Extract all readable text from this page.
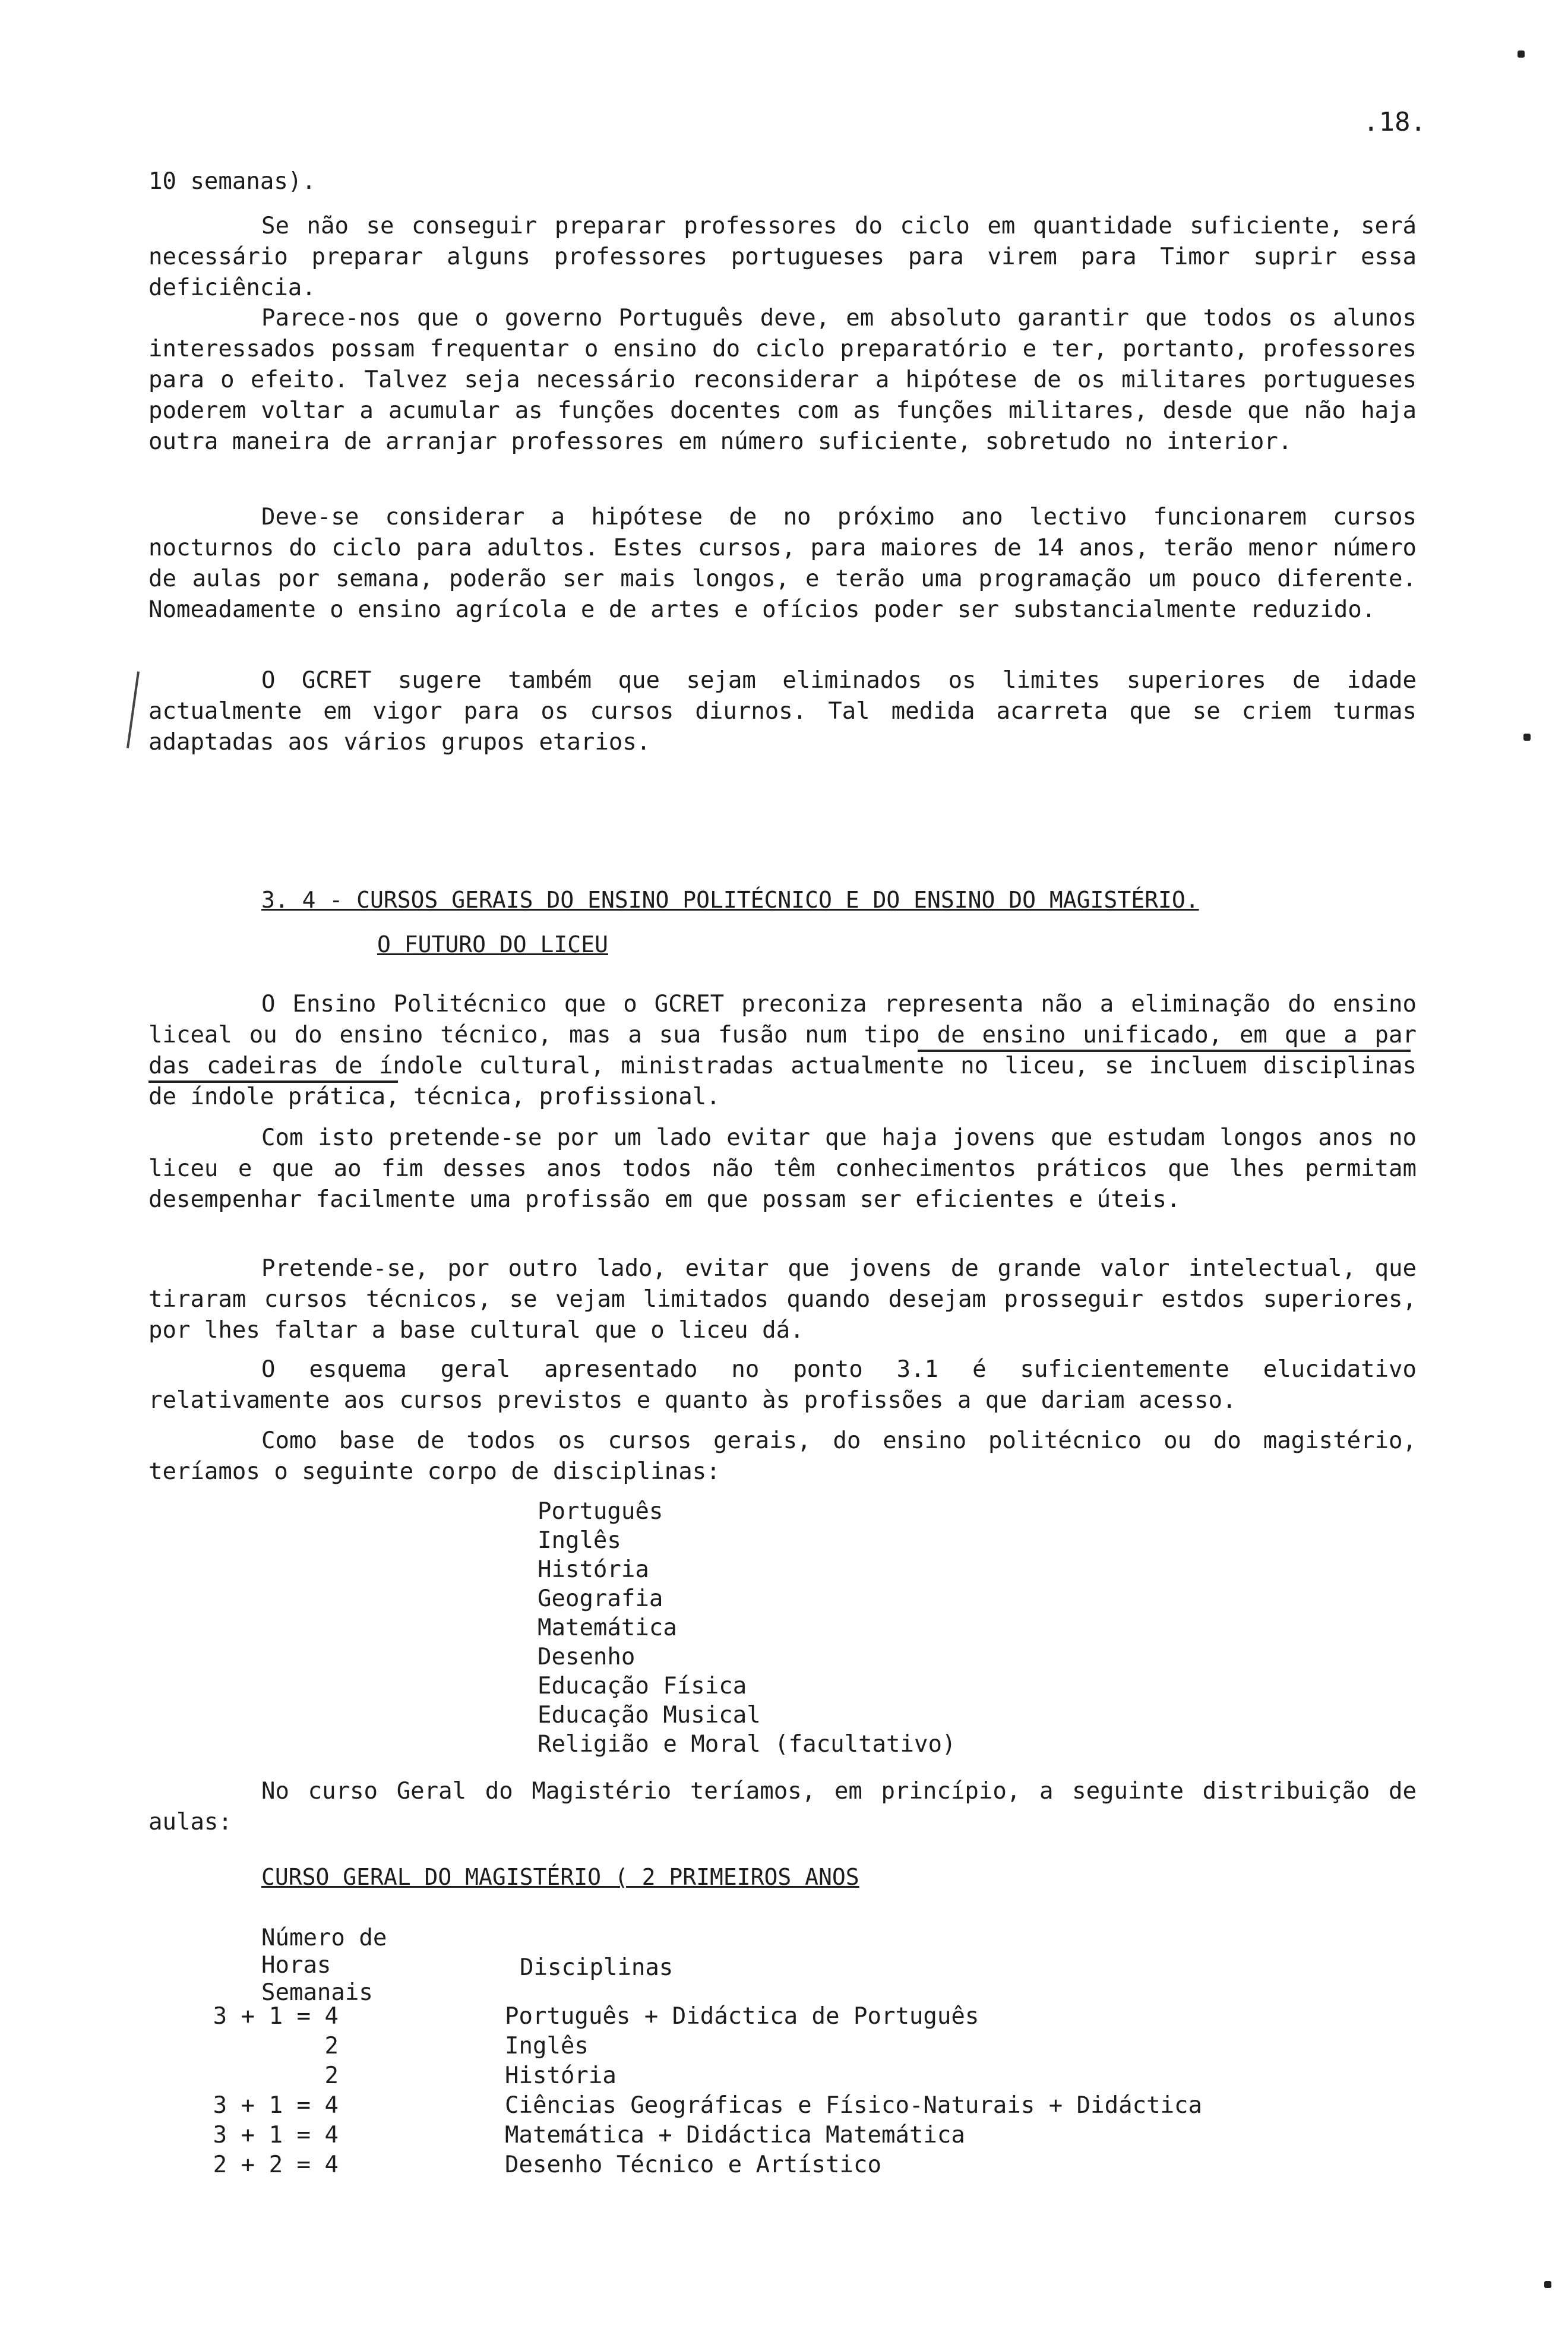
.18.

10 semanas).

Se não se conseguir preparar professores do ciclo em quantidade suficiente, será necessário preparar alguns professores portugueses para virem para Timor suprir essa deficiência.

Parece-nos que o governo Português deve, em absoluto garantir que todos os alunos interessados possam frequentar o ensino do ciclo preparatório e ter, portanto, professores para o efeito. Talvez seja necessário reconsiderar a hipótese de os militares portugueses poderem voltar a acumular as funções docentes com as funções militares, desde que não haja outra maneira de arranjar professores em número suficiente, sobretudo no interior.

Deve-se considerar a hipótese de no próximo ano lectivo funcionarem cursos nocturnos do ciclo para adultos. Estes cursos, para maiores de 14 anos, terão menor número de aulas por semana, poderão ser mais longos, e terão uma programação um pouco diferente. Nomeadamente o ensino agrícola e de artes e ofícios poder ser substancialmente reduzido.

O GCRET sugere também que sejam eliminados os limites superiores de idade actualmente em vigor para os cursos diurnos. Tal medida acarreta que se criem turmas adaptadas aos vários grupos etarios.

3. 4 - CURSOS GERAIS DO ENSINO POLITÉCNICO E DO ENSINO DO MAGISTÉRIO.
O FUTURO DO LICEU

O Ensino Politécnico que o GCRET preconiza representa não a eliminação do ensino liceal ou do ensino técnico, mas a sua fusão num tipo de ensino unificado, em que a par das cadeiras de índole cultural, ministradas actualmente no liceu, se incluem disciplinas de índole prática, técnica, profissional.

Com isto pretende-se por um lado evitar que haja jovens que estudam longos anos no liceu e que ao fim desses anos todos não têm conhecimentos práticos que lhes permitam desempenhar facilmente uma profissão em que possam ser eficientes e úteis.

Pretende-se, por outro lado, evitar que jovens de grande valor intelectual, que tiraram cursos técnicos, se vejam limitados quando desejam prosseguir estdos superiores, por lhes faltar a base cultural que o liceu dá.

O esquema geral apresentado no ponto 3.1 é suficientemente elucidativo relativamente aos cursos previstos e quanto às profissões a que dariam acesso.

Como base de todos os cursos gerais, do ensino politécnico ou do magistério, teríamos o seguinte corpo de disciplinas:

Português
Inglês
História
Geografia
Matemática
Desenho
Educação Física
Educação Musical
Religião e Moral (facultativo)

No curso Geral do Magistério teríamos, em princípio, a seguinte distribuição de aulas:

CURSO GERAL DO MAGISTÉRIO ( 2 PRIMEIROS ANOS
Número de Horas Semanais
Disciplinas
3 + 1 = 4	Português + Didáctica de Português
2	Inglês
2	História
3 + 1 = 4	Ciências Geográficas e Físico-Naturais + Didáctica
3 + 1 = 4	Matemática + Didáctica Matemática
2 + 2 = 4	Desenho Técnico e Artístico
